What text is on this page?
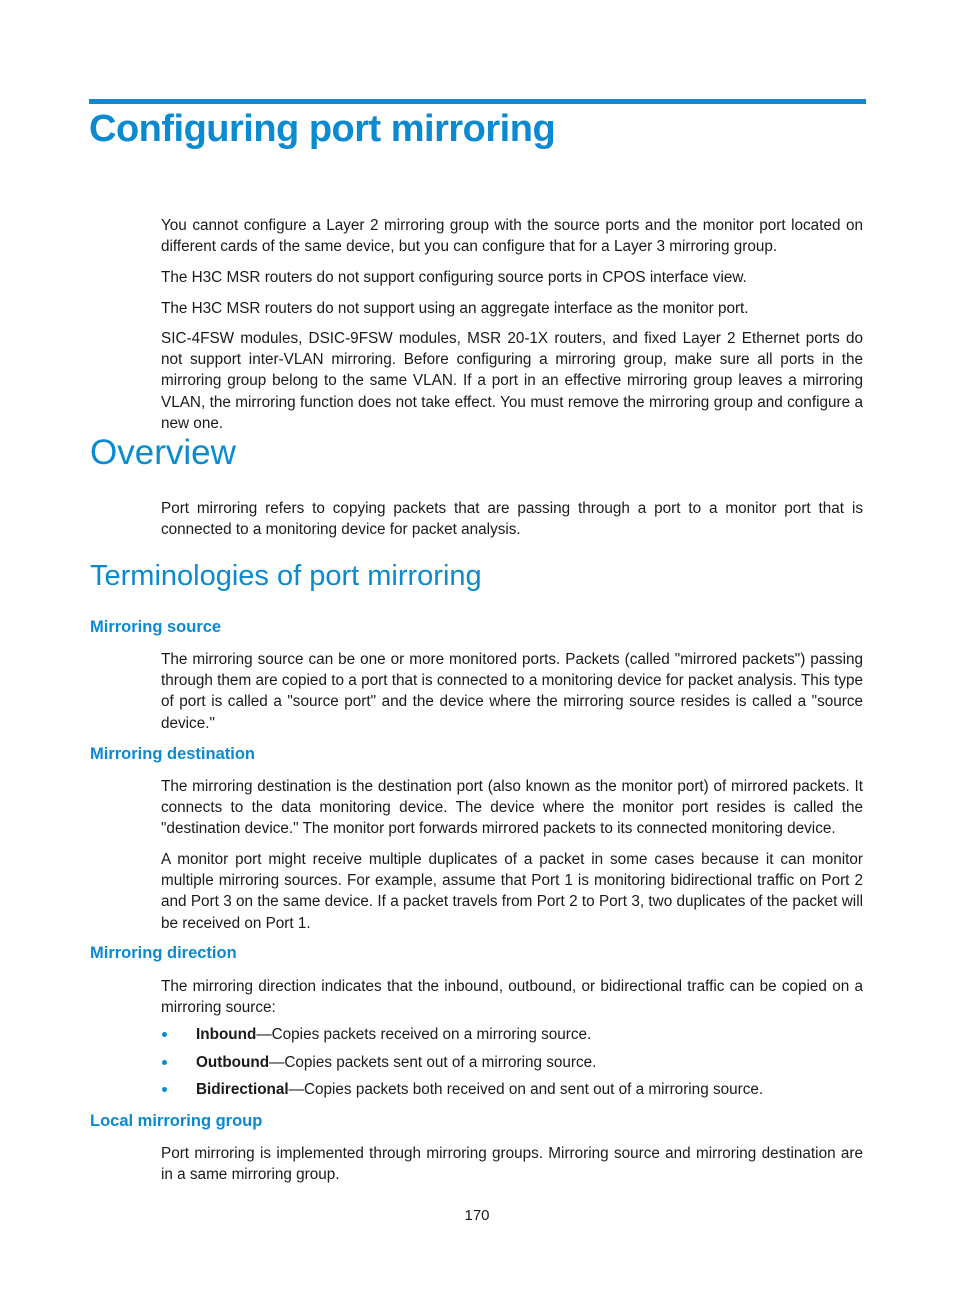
Configuring port mirroring

You cannot configure a Layer 2 mirroring group with the source ports and the monitor port located on different cards of the same device, but you can configure that for a Layer 3 mirroring group.

The H3C MSR routers do not support configuring source ports in CPOS interface view.

The H3C MSR routers do not support using an aggregate interface as the monitor port.

SIC-4FSW modules, DSIC-9FSW modules, MSR 20-1X routers, and fixed Layer 2 Ethernet ports do not support inter-VLAN mirroring. Before configuring a mirroring group, make sure all ports in the mirroring group belong to the same VLAN. If a port in an effective mirroring group leaves a mirroring VLAN, the mirroring function does not take effect. You must remove the mirroring group and configure a new one.

Overview

Port mirroring refers to copying packets that are passing through a port to a monitor port that is connected to a monitoring device for packet analysis.

Terminologies of port mirroring
Mirroring source

The mirroring source can be one or more monitored ports. Packets (called "mirrored packets") passing through them are copied to a port that is connected to a monitoring device for packet analysis. This type of port is called a "source port" and the device where the mirroring source resides is called a "source device."

Mirroring destination

The mirroring destination is the destination port (also known as the monitor port) of mirrored packets. It connects to the data monitoring device. The device where the monitor port resides is called the "destination device." The monitor port forwards mirrored packets to its connected monitoring device.

A monitor port might receive multiple duplicates of a packet in some cases because it can monitor multiple mirroring sources. For example, assume that Port 1 is monitoring bidirectional traffic on Port 2 and Port 3 on the same device. If a packet travels from Port 2 to Port 3, two duplicates of the packet will be received on Port 1.

Mirroring direction

The mirroring direction indicates that the inbound, outbound, or bidirectional traffic can be copied on a mirroring source:

Inbound—Copies packets received on a mirroring source.
Outbound—Copies packets sent out of a mirroring source.
Bidirectional—Copies packets both received on and sent out of a mirroring source.
Local mirroring group

Port mirroring is implemented through mirroring groups. Mirroring source and mirroring destination are in a same mirroring group.

170
